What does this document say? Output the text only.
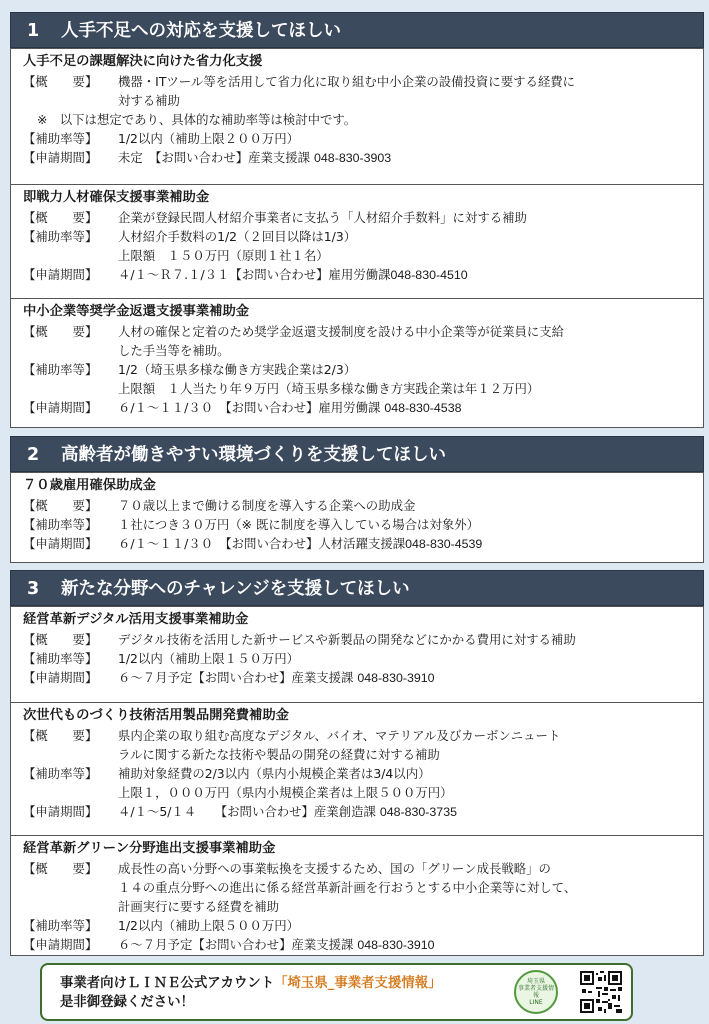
1 人手不足への対応を支援してほしい
人手不足の課題解決に向けた省力化支援
【概　　要】	機器・ITツール等を活用して省力化に取り組む中小企業の設備投資に要する経費に
対する補助
※　以下は想定であり、具体的な補助率等は検討中です。
【補助率等】	1/2以内（補助上限２００万円）
【申請期間】	未定　【お問い合わせ】産業支援課 048-830-3903
即戦力人材確保支援事業補助金
【概　　要】	企業が登録民間人材紹介事業者に支払う「人材紹介手数料」に対する補助
【補助率等】	人材紹介手数料の1/2（２回目以降は1/3）
上限額　１５０万円（原則１社１名）
【申請期間】	４/１～Ｒ７.１/３１【お問い合わせ】雇用労働課048-830-4510
中小企業等奨学金返還支援事業補助金
【概　　要】	人材の確保と定着のため奨学金返還支援制度を設ける中小企業等が従業員に支給
した手当等を補助。
【補助率等】	1/2（埼玉県多様な働き方実践企業は2/3）
上限額　１人当たり年９万円（埼玉県多様な働き方実践企業は年１２万円）
【申請期間】	６/１～１１/３０　【お問い合わせ】雇用労働課 048-830-4538
2 高齢者が働きやすい環境づくりを支援してほしい
７０歳雇用確保助成金
【概　　要】	７０歳以上まで働ける制度を導入する企業への助成金
【補助率等】	１社につき３０万円（※ 既に制度を導入している場合は対象外）
【申請期間】	６/１～１１/３０　【お問い合わせ】人材活躍支援課048-830-4539
3 新たな分野へのチャレンジを支援してほしい
経営革新デジタル活用支援事業補助金
【概　　要】	デジタル技術を活用した新サービスや新製品の開発などにかかる費用に対する補助
【補助率等】	1/2以内（補助上限１５０万円）
【申請期間】	６～７月予定【お問い合わせ】産業支援課 048-830-3910
次世代ものづくり技術活用製品開発費補助金
【概　　要】	県内企業の取り組む高度なデジタル、バイオ、マテリアル及びカーボンニュート
ラルに関する新たな技術や製品の開発の経費に対する補助
【補助率等】	補助対象経費の2/3以内（県内小規模企業者は3/4以内）
上限１，０００万円（県内小規模企業者は上限５００万円）
【申請期間】	４/１～5/１４　　【お問い合わせ】産業創造課 048-830-3735
経営革新グリーン分野進出支援事業補助金
【概　　要】	成長性の高い分野への事業転換を支援するため、国の「グリーン成長戦略」の
１４の重点分野への進出に係る経営革新計画を行おうとする中小企業等に対して、
計画実行に要する経費を補助
【補助率等】	1/2以内（補助上限５００万円）
【申請期間】	６～７月予定【お問い合わせ】産業支援課 048-830-3910
事業者向けＬＩＮＥ公式アカウント「埼玉県_事業者支援情報」
是非御登録ください！
埼玉県
事業者支援情報
LINE
